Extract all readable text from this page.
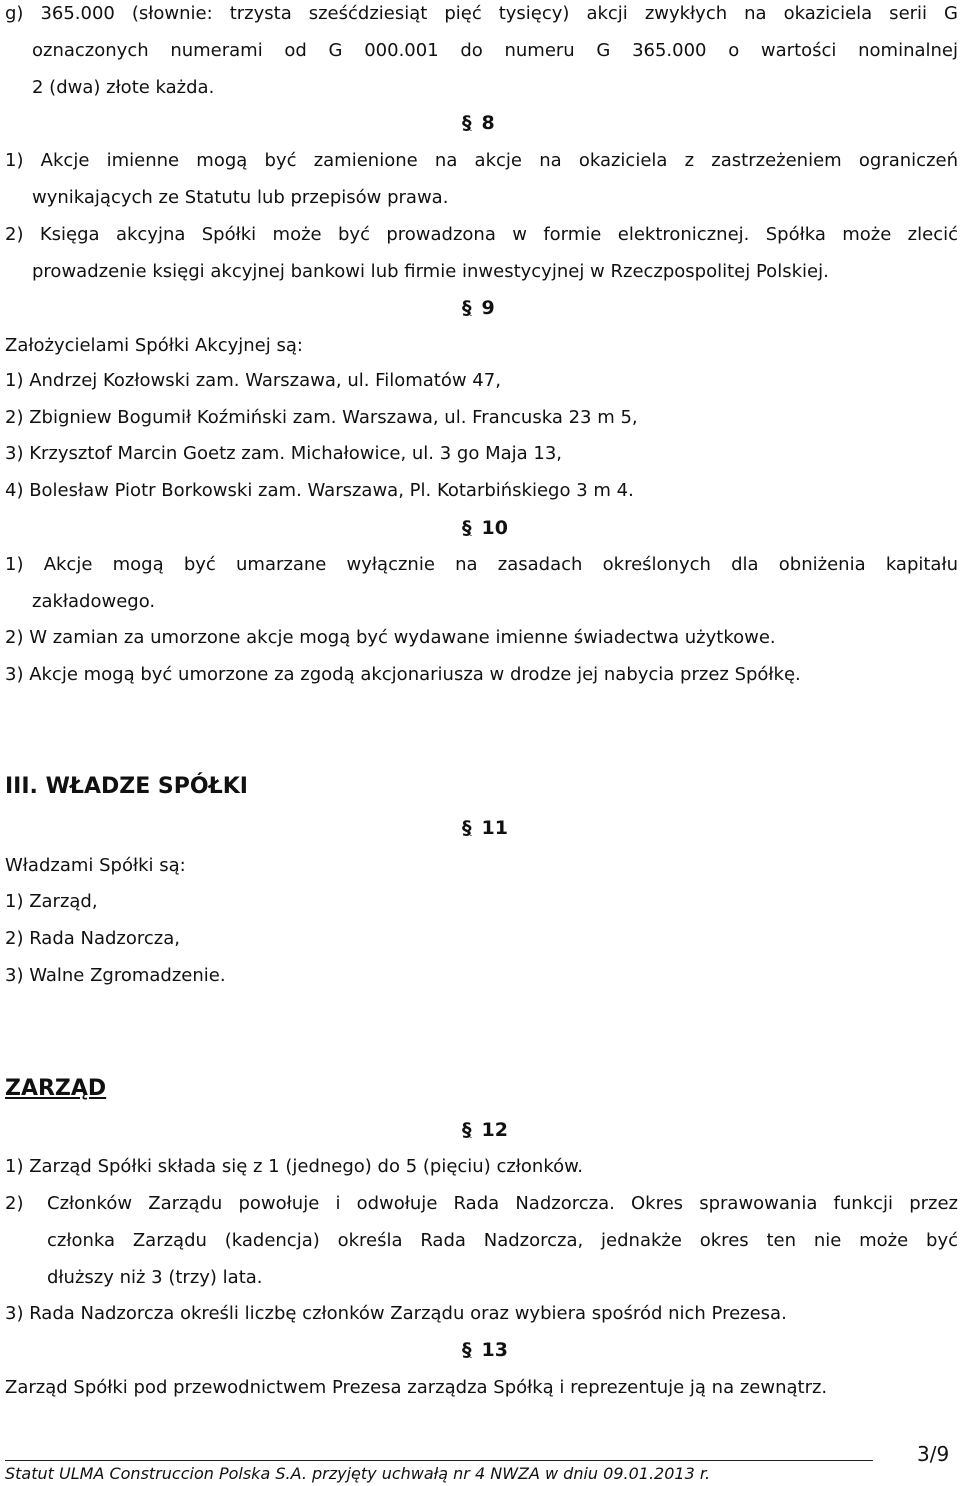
g) 365.000 (słownie: trzysta sześćdziesiąt pięć tysięcy) akcji zwykłych na okaziciela serii G
oznaczonych numerami od G 000.001 do numeru G 365.000 o wartości nominalnej
2 (dwa) złote każda.
§ 8
1) Akcje imienne mogą być zamienione na akcje na okaziciela z zastrzeżeniem ograniczeń
wynikających ze Statutu lub przepisów prawa.
2) Księga akcyjna Spółki może być prowadzona w formie elektronicznej. Spółka może zlecić
prowadzenie księgi akcyjnej bankowi lub firmie inwestycyjnej w Rzeczpospolitej Polskiej.
§ 9
Założycielami Spółki Akcyjnej są:
1) Andrzej Kozłowski zam. Warszawa, ul. Filomatów 47,
2) Zbigniew Bogumił Koźmiński zam. Warszawa, ul. Francuska 23 m 5,
3) Krzysztof Marcin Goetz zam. Michałowice, ul. 3 go Maja 13,
4) Bolesław Piotr Borkowski zam. Warszawa, Pl. Kotarbińskiego 3 m 4.
§ 10
1) Akcje mogą być umarzane wyłącznie na zasadach określonych dla obniżenia kapitału
zakładowego.
2) W zamian za umorzone akcje mogą być wydawane imienne świadectwa użytkowe.
3) Akcje mogą być umorzone za zgodą akcjonariusza w drodze jej nabycia przez Spółkę.
III. WŁADZE SPÓŁKI
§ 11
Władzami Spółki są:
1) Zarząd,
2) Rada Nadzorcza,
3) Walne Zgromadzenie.
ZARZĄD
§ 12
1) Zarząd Spółki składa się z 1 (jednego) do 5 (pięciu) członków.
2) Członków Zarządu powołuje i odwołuje Rada Nadzorcza. Okres sprawowania funkcji przez
członka Zarządu (kadencja) określa Rada Nadzorcza, jednakże okres ten nie może być
dłuższy niż 3 (trzy) lata.
3) Rada Nadzorcza określi liczbę członków Zarządu oraz wybiera spośród nich Prezesa.
§ 13
Zarząd Spółki pod przewodnictwem Prezesa zarządza Spółką i reprezentuje ją na zewnątrz.
Statut ULMA Construccion Polska S.A. przyjęty uchwałą nr 4 NWZA w dniu 09.01.2013 r.
3/9
